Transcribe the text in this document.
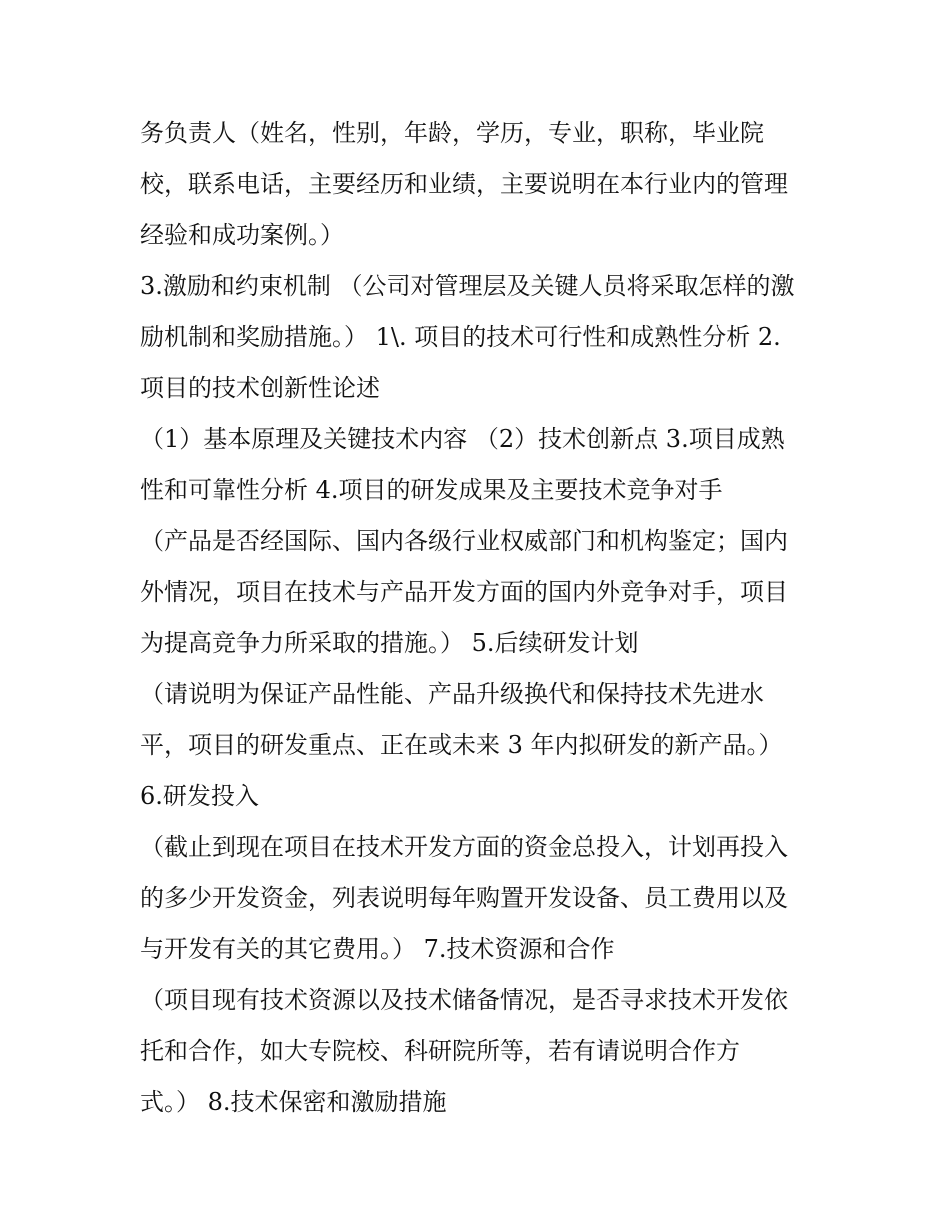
务负责人（姓名，性别，年龄，学历，专业，职称，毕业院
校，联系电话，主要经历和业绩，主要说明在本行业内的管理
经验和成功案例。）
3.激励和约束机制 （公司对管理层及关键人员将采取怎样的激
励机制和奖励措施。） 1\. 项目的技术可行性和成熟性分析 2.
项目的技术创新性论述
（1）基本原理及关键技术内容 （2）技术创新点 3.项目成熟
性和可靠性分析 4.项目的研发成果及主要技术竞争对手
（产品是否经国际、国内各级行业权威部门和机构鉴定；国内
外情况，项目在技术与产品开发方面的国内外竞争对手，项目
为提高竞争力所采取的措施。） 5.后续研发计划
（请说明为保证产品性能、产品升级换代和保持技术先进水
平，项目的研发重点、正在或未来 3 年内拟研发的新产品。）
6.研发投入
（截止到现在项目在技术开发方面的资金总投入，计划再投入
的多少开发资金，列表说明每年购置开发设备、员工费用以及
与开发有关的其它费用。） 7.技术资源和合作
（项目现有技术资源以及技术储备情况，是否寻求技术开发依
托和合作，如大专院校、科研院所等，若有请说明合作方
式。） 8.技术保密和激励措施
